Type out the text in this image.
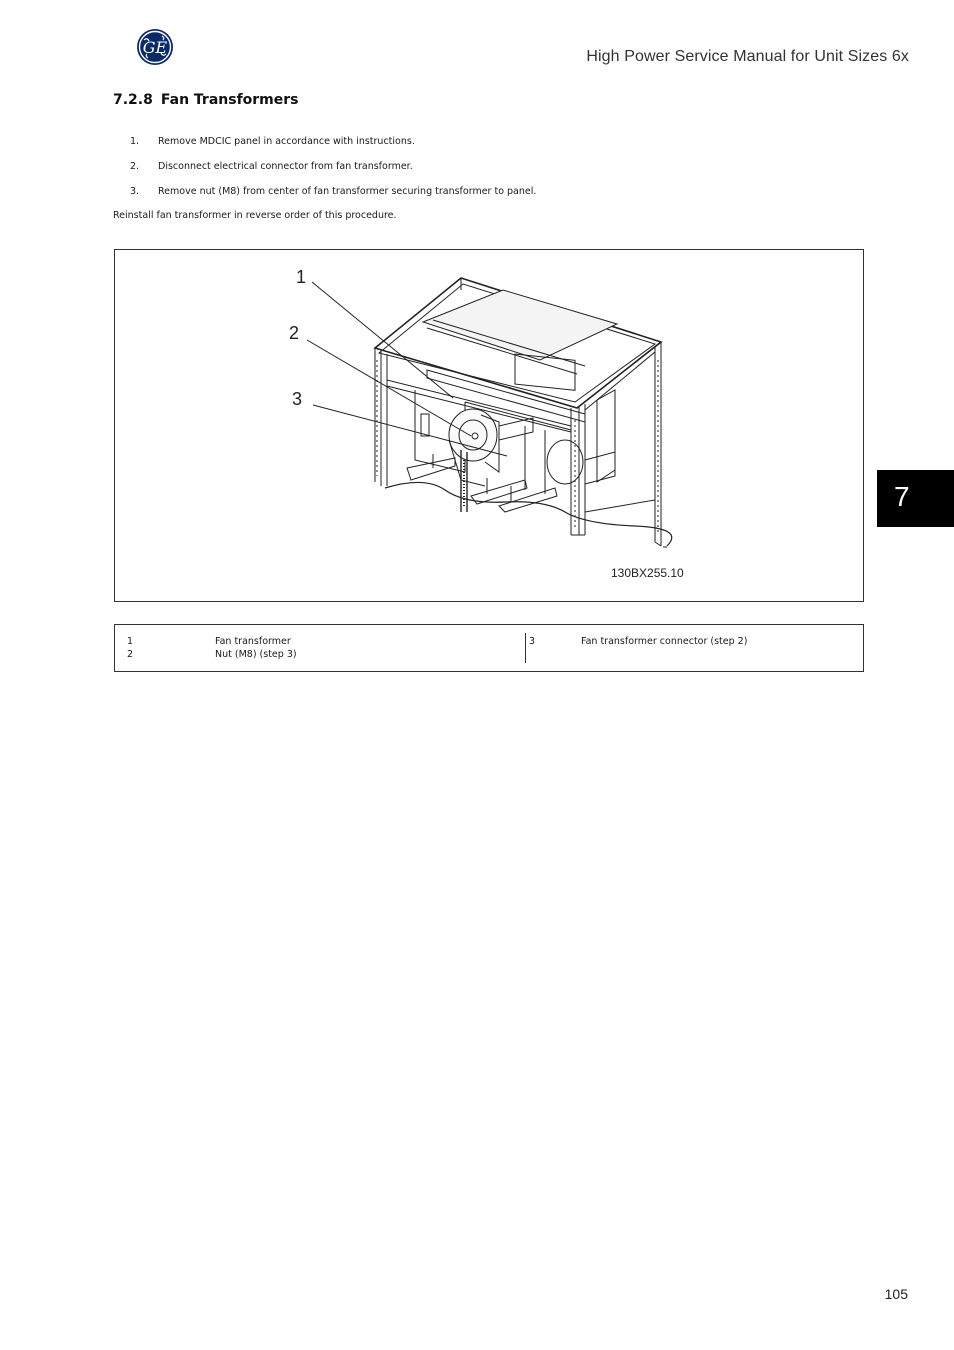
GE	High Power Service Manual for Unit Sizes 6x
7.2.8 Fan Transformers
1. Remove MDCIC panel in accordance with instructions.
2. Disconnect electrical connector from fan transformer.
3. Remove nut (M8) from center of fan transformer securing transformer to panel.
Reinstall fan transformer in reverse order of this procedure.
1
2
3
130BX255.10
1	Fan transformer
2	Nut (M8) (step 3)
3	Fan transformer connector (step 2)
7
105
